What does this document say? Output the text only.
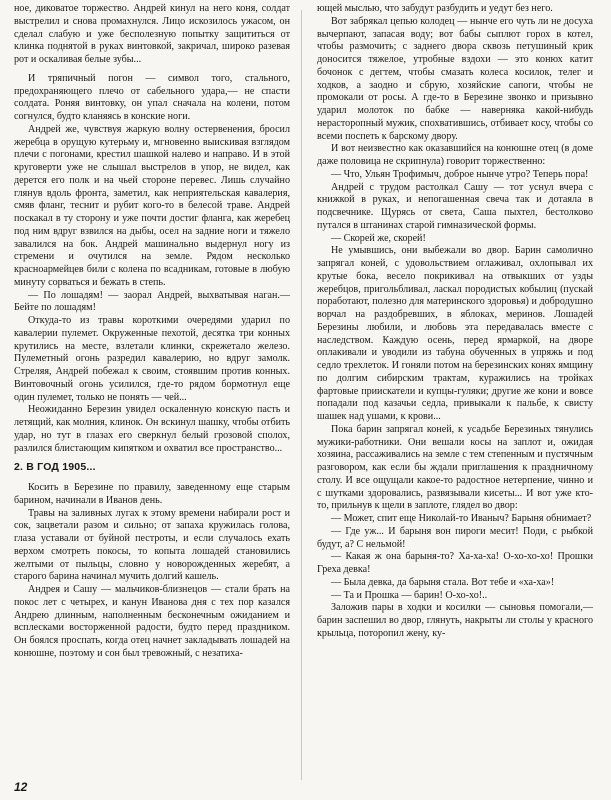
ное, диковатое торжество. Андрей кинул на него коня, солдат выстрелил и снова промахнулся. Лицо искозилось ужасом, он сделал слабую и уже бесполезную попытку защититься от клинка поднятой в руках винтовкой, закричал, широко разевая рот и оскаливая белые зубы...

И тряпичный погон — символ того, стального, предохраняющего плечо от сабельного удара,— не спасти солдата. Роняя винтовку, он упал сначала на колени, потом согнулся, будто кланяясь в конские ноги.

Андрей же, чувствуя жаркую волну остервенения, бросил жеребца в орущую кутерьму и, мгновенно выискивая взглядом плечи с погонами, крестил шашкой налево и направо. И в этой круговерти уже не слышал выстрелов в упор, не видел, как дерется его полк и на чьей стороне перевес. Лишь случайно глянув вдоль фронта, заметил, как неприятельская кавалерия, смяв фланг, теснит и рубит кого-то в белесой траве. Андрей поскакал в ту сторону и уже почти достиг фланга, как жеребец под ним вдруг взвился на дыбы, осел на задние ноги и тяжело завалился на бок. Андрей машинально выдернул ногу из стремени и очутился на земле. Рядом несколько красноармейцев били с колена по всадникам, готовые в любую минуту сорваться и бежать в степь.

— По лошадям! — заорал Андрей, выхватывая наган.— Бейте по лошадям!

Откуда-то из травы короткими очередями ударил по кавалерии пулемет. Окруженные пехотой, десятка три конных крутились на месте, взлетали клинки, скрежетало железо. Пулеметный огонь разредил кавалерию, но вдруг замолк. Стреляя, Андрей побежал к своим, стоявшим против конных. Винтовочный огонь усилился, где-то рядом бормотнул еще один пулемет, только не понять — чей...

Неожиданно Березин увидел оскаленную конскую пасть и летящий, как молния, клинок. Он вскинул шашку, чтобы отбить удар, но тут в глазах его сверкнул белый грозовой сполох, разлился блистающим кипятком и охватил все пространство...

2. В ГОД 1905...

Косить в Березине по правилу, заведенному еще старым барином, начинали в Иванов день.

Травы на заливных лугах к этому времени набирали рост и сок, зацветали разом и сильно; от запаха кружилась голова, глаза уставали от буйной пестроты, и если случалось ехать верхом смотреть покосы, то копыта лошадей становились желтыми от пыльцы, словно у новорожденных жеребят, а старого барина начинал мучить долгий кашель.

Андрея и Сашу — мальчиков-близнецов — стали брать на покос лет с четырех, и канун Иванова дня с тех пор казался Андрею длинным, наполненным бесконечным ожиданием и всплесками восторженной радости, будто перед праздником. Он боялся проспать, когда отец начнет закладывать лошадей на конюшне, поэтому и сон был тревожный, с незатиха-

ющей мыслью, что забудут разбудить и уедут без него.

Вот забрякал цепью колодец — нынче его чуть ли не досуха вычерпают, запасая воду; вот бабы сыплют горох в котел, чтобы размочить; с заднего двора сквозь петушиный крик доносится тяжелое, утробные вздохи — это конюх катит бочонок с дегтем, чтобы смазать колеса косилок, телег и ходков, а заодно и сбрую, хозяйские сапоги, чтобы не промокали от росы. А где-то в Березине звонко и призывно ударил молоток по бабке — наверняка какой-нибудь нерасторопный мужик, спохватившись, отбивает косу, чтобы со всеми поспеть к барскому двору.

И вот неизвестно как оказавшийся на конюшне отец (в доме даже половица не скрипнула) говорит торжественно:

— Что, Ульян Трофимыч, доброе нынче утро? Теперь пора!

Андрей с трудом растолкал Сашу — тот уснул вчера с книжкой в руках, и непогашенная свеча так и дотаяла в подсвечнике. Щурясь от света, Саша пыхтел, бестолково путался в штанинах старой гимназической формы.

— Скорей же, скорей!

Не умывшись, они выбежали во двор. Барин самолично запрягал коней, с удовольствием оглаживал, охлопывал их крутые бока, весело покрикивал на отвыкших от узды жеребцов, пригольбливал, ласкал породистых кобылиц (пускай поработают, полезно для материнского здоровья) и добродушно ворчал на раздобревших, в яблоках, меринов. Лошадей Березины любили, и любовь эта передавалась вместе с наследством. Каждую осень, перед ярмаркой, на дворе оплакивали и уводили из табуна обученных в упряжь и под седло трехлеток. И гоняли потом на березинских конях ямщину по долгим сибирским трактам, куражились на тройках фартовые приискатели и купцы-гуляки; другие же кони и вовсе попадали под казачьи седла, привыкали к пальбе, к свисту шашек над ушами, к крови...

Пока барин запрягал коней, к усадьбе Березиных тянулись мужики-работники. Они вешали косы на заплот и, ожидая хозяина, рассаживались на земле с тем степенным и пустячным разговором, как если бы ждали приглашения к праздничному столу. И все ощущали какое-то радостное нетерпение, чинно и с шутками здоровались, развязывали кисеты... И вот уже кто-то, прильнув к щели в заплоте, глядел во двор:

— Может, спит еще Николай-то Иваныч? Барыня обнимает?

— Где уж... И барыня вон пироги месит! Поди, с рыбкой будут, а? С нельмой!

— Какая ж она барыня-то? Ха-ха-ха! О-хо-хо-хо! Прошки Греха девка!

— Была девка, да барыня стала. Вот тебе и «ха-ха»!

— Та и Прошка — барин! О-хо-хо!..

Заложив пары в ходки и косилки — сыновья помогали,— барин заспешил во двор, глянуть, накрыты ли столы у красного крыльца, поторопил жену, ку-

12
